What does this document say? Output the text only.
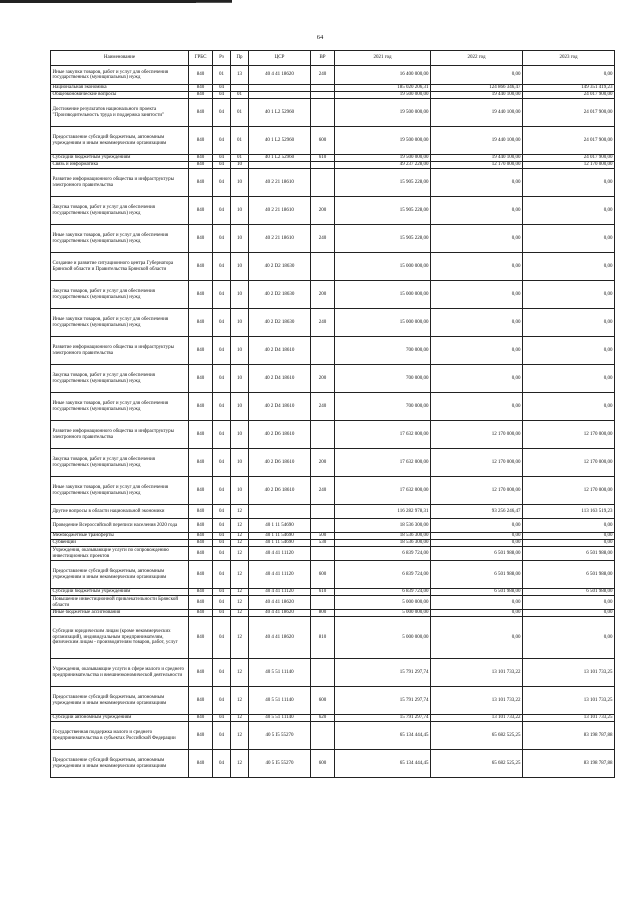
64
Наименование	ГРБС	Рз	Пр	ЦСР	ВР	2021 год	2022 год	2023 год
Иные закупки товаров, работ и услуг для обеспечения государственных (муниципальных) нужд	840	01	13	40 4 41 18620	240	16 400 000,00	0,00	0,00
Национальная экономика	840	04				185 020 206,31	124 866 346,47	149 351 419,23
Общеэкономические вопросы	840	04	01			19 500 000,00	19 440 100,00	24 017 900,00
Достижение результатов национального проекта "Производительность труда и поддержка занятости"	840	04	01	40 1 L2 52960		19 500 000,00	19 440 100,00	24 017 900,00
Предоставление субсидий бюджетным, автономным учреждениям и иным некоммерческим организациям	840	04	01	40 1 L2 52960	600	19 500 000,00	19 440 100,00	24 017 900,00
Субсидии бюджетным учреждениям	840	04	01	40 1 L2 52960	610	19 500 000,00	19 440 100,00	24 017 900,00
Связь и информатика	840	04	10			49 237 228,00	12 170 000,00	12 170 000,00
Развитие информационного общества и инфраструктуры электронного правительства	840	04	10	40 2 21 18610		15 905 228,00	0,00	0,00
Закупка товаров, работ и услуг для обеспечения государственных (муниципальных) нужд	840	04	10	40 2 21 18610	200	15 905 228,00	0,00	0,00
Иные закупки товаров, работ и услуг для обеспечения государственных (муниципальных) нужд	840	04	10	40 2 21 18610	240	15 905 228,00	0,00	0,00
Создание и развитие ситуационного центра Губернатора Брянской области и Правительства Брянской области	840	04	10	40 2 D2 18630		15 000 000,00	0,00	0,00
Закупка товаров, работ и услуг для обеспечения государственных (муниципальных) нужд	840	04	10	40 2 D2 18630	200	15 000 000,00	0,00	0,00
Иные закупки товаров, работ и услуг для обеспечения государственных (муниципальных) нужд	840	04	10	40 2 D2 18630	240	15 000 000,00	0,00	0,00
Развитие информационного общества и инфраструктуры электронного правительства	840	04	10	40 2 D4 18610		700 000,00	0,00	0,00
Закупка товаров, работ и услуг для обеспечения государственных (муниципальных) нужд	840	04	10	40 2 D4 18610	200	700 000,00	0,00	0,00
Иные закупки товаров, работ и услуг для обеспечения государственных (муниципальных) нужд	840	04	10	40 2 D4 18610	240	700 000,00	0,00	0,00
Развитие информационного общества и инфраструктуры электронного правительства	840	04	10	40 2 D6 18610		17 632 000,00	12 170 000,00	12 170 000,00
Закупка товаров, работ и услуг для обеспечения государственных (муниципальных) нужд	840	04	10	40 2 D6 18610	200	17 632 000,00	12 170 000,00	12 170 000,00
Иные закупки товаров, работ и услуг для обеспечения государственных (муниципальных) нужд	840	04	10	40 2 D6 18610	240	17 632 000,00	12 170 000,00	12 170 000,00
Другие вопросы в области национальной экономики	840	04	12			116 282 978,31	93 256 246,47	113 163 519,23
Проведение Всероссийской переписи населения 2020 года	840	04	12	40 1 11 54690		18 536 300,00	0,00	0,00
Межбюджетные трансферты	840	04	12	40 1 11 54690	500	18 536 300,00	0,00	0,00
Субвенции	840	04	12	40 1 11 54690	530	18 536 300,00	0,00	0,00
Учреждения, оказывающие услуги по сопровождению инвестиционных проектов	840	04	12	40 4 41 11120		6 839 724,00	6 501 988,00	6 501 988,00
Предоставление субсидий бюджетным, автономным учреждениям и иным некоммерческим организациям	840	04	12	40 4 41 11120	600	6 839 724,00	6 501 988,00	6 501 988,00
Субсидии бюджетным учреждениям	840	04	12	40 4 41 11120	610	6 839 724,00	6 501 988,00	6 501 988,00
Повышение инвестиционной привлекательности Брянской области	840	04	12	40 4 41 18620		5 000 000,00	0,00	0,00
Иные бюджетные ассигнования	840	04	12	40 4 41 18620	800	5 000 000,00	0,00	0,00
Субсидии юридическим лицам (кроме некоммерческих организаций), индивидуальным предпринимателям, физическим лицам - производителям товаров, работ, услуг	840	04	12	40 4 41 18620	810	5 000 000,00	0,00	0,00
Учреждения, оказывающие услуги в сфере малого и среднего предпринимательства и внешнеэкономической деятельности	840	04	12	40 5 51 11140		15 791 297,74	13 101 733,22	13 101 733,25
Предоставление субсидий бюджетным, автономным учреждениям и иным некоммерческим организациям	840	04	12	40 5 51 11140	600	15 791 297,74	13 101 733,22	13 101 733,25
Субсидии автономным учреждениям	840	04	12	40 5 51 11140	620	15 791 297,74	13 101 733,22	13 101 733,25
Государственная поддержка малого и среднего предпринимательства в субъектах Российской Федерации	840	04	12	40 5 I5 55270		65 134 444,45	65 682 525,25	83 198 787,88
Предоставление субсидий бюджетным, автономным учреждениям и иным некоммерческим организациям	840	04	12	40 5 I5 55270	600	65 134 444,45	65 682 525,25	83 198 787,88
